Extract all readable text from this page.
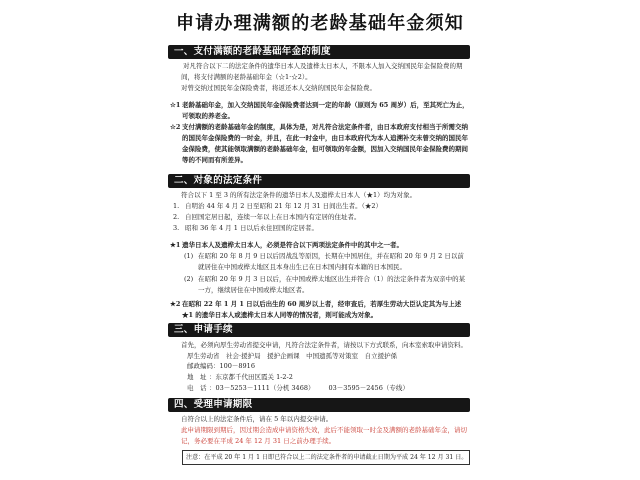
申请办理满额的老龄基础年金须知
一、支付满额的老龄基础年金的制度
对凡符合以下二的法定条件的遗华日本人及遗桦太日本人，不限本人加入交纳国民年金保险费的期间，将支付满额的老龄基础年金（☆1·☆2）。
对曾交纳过国民年金保险费者，将返还本人交纳的国民年金保险费。
☆1 老龄基础年金，加入交纳国民年金保险费者达到一定的年龄（原则为 65 周岁）后，至其死亡为止，可领取的养老金。
☆2 支付满额的老龄基础年金的制度，具体为是，对凡符合法定条件者，由日本政府支付相当于所需交纳的国民年金保险费的一时金，并且，在此一时金中，由日本政府代为本人追溯补交未曾交纳的国民年金保险费，使其能领取满额的老龄基础年金，但可领取的年金额，因加入交纳国民年金保险费的期间等的不同而有所差异。
二、对象的法定条件
符合以下 1 至 3 的所有法定条件的遗华日本人及遗桦太日本人（★1）均为对象。
1. 自明治 44 年 4 月 2 日至昭和 21 年 12 月 31 日间出生者。（★2）
2. 自回国定居日起，连续一年以上在日本国内有定居的住址者。
3. 昭和 36 年 4 月 1 日以后永住回国的定居者。
★1 遗华日本人及遗桦太日本人，必须是符合以下两项法定条件中的其中之一者。
(1) 在昭和 20 年 8 月 9 日以后因战乱等原因，长期在中国居住，并在昭和 20 年 9 月 2 日以前就居住在中国或桦太地区且本身出生已在日本国内拥有本籍的日本国民。
(2) 在昭和 20 年 9 月 3 日以后，在中国或桦太地区出生并符合（1）的法定条件者为双亲中的某一方，继续居住在中国或桦太地区者。
★2 在昭和 22 年 1 月 1 日以后出生的 60 周岁以上者，经审查后，若厚生劳动大臣认定其为与上述★1 的遗华日本人或遗桦太日本人同等的情况者，则可能成为对象。
三、申请手续
首先，必须向厚生劳动省提交申请，凡符合法定条件者，请按以下方式联系，向本室索取申请资料。
厚生劳动省　社会·援护局　援护企画课　中国遗孤等对策室　自立援护係
邮政编码：100－8916
地　址 ：东京都千代田区霞关 1-2-2
电　话 ：03－5253－1111（分机 3468） 03－3595－2456（专线）
四、受理申请期限
自符合以上的法定条件后，请在 5 年以内提交申请。
此申请期限到期后，因过期会造成申请资格失效，此后不能领取一时金及满额的老龄基础年金，请切记，务必要在平成 24 年 12 月 31 日之前办理手续。
注意：在平成 20 年 1 月 1 日即已符合以上二的法定条件者的申请截止日期为平成 24 年 12 月 31 日。
